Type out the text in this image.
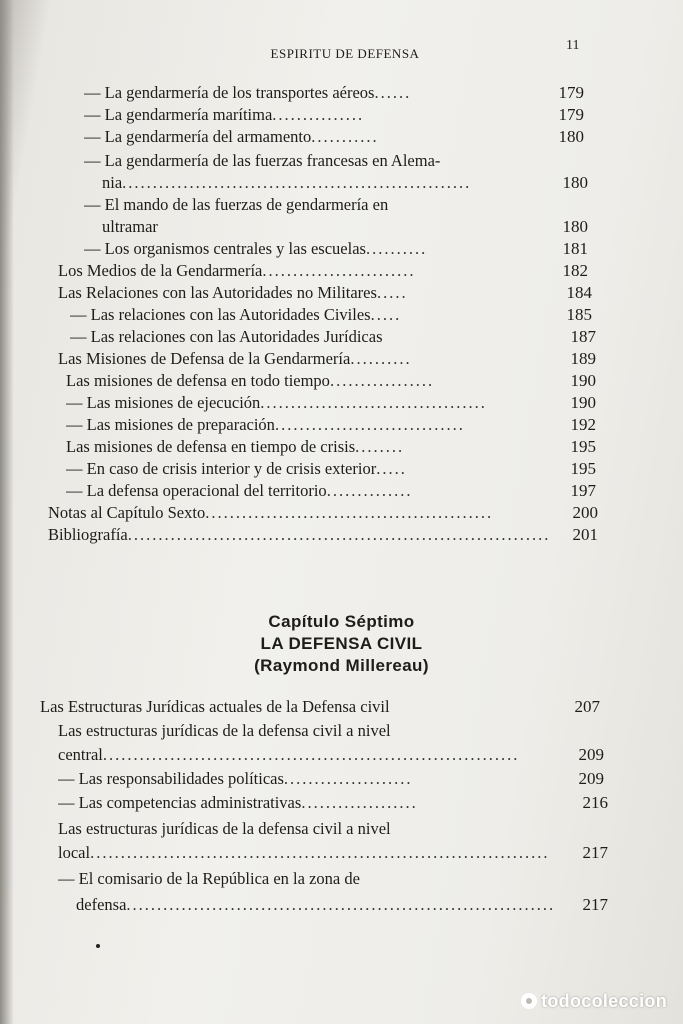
ESPIRITU DE DEFENSA
11
— La gendarmería de los transportes aéreos......	179
— La gendarmería marítima...............	179
— La gendarmería del armamento...........	180
— La gendarmería de las fuerzas francesas en Alema-
nia.........................................................	180
— El mando de las fuerzas de gendarmería en
ultramar	180
— Los organismos centrales y las escuelas..........	181
Los Medios de la Gendarmería.........................	182
Las Relaciones con las Autoridades no Militares.....	184
— Las relaciones con las Autoridades Civiles.....	185
— Las relaciones con las Autoridades Jurídicas	187
Las Misiones de Defensa de la Gendarmería..........	189
Las misiones de defensa en todo tiempo.................	190
— Las misiones de ejecución.....................................	190
— Las misiones de preparación...............................	192
Las misiones de defensa en tiempo de crisis........	195
— En caso de crisis interior y de crisis exterior.....	195
— La defensa operacional del territorio..............	197
Notas al Capítulo Sexto...............................................	200
Bibliografía..................................................................... 201
Capítulo Séptimo
LA DEFENSA CIVIL
(Raymond Millereau)
Las Estructuras Jurídicas actuales de la Defensa civil	207
Las estructuras jurídicas de la defensa civil a nivel
central....................................................................	209
— Las responsabilidades políticas.....................	209
— Las competencias administrativas...................	216
Las estructuras jurídicas de la defensa civil a nivel
local........................................................................... 217
— El comisario de la República en la zona de
defensa...................................................................... 217
todocoleccion
